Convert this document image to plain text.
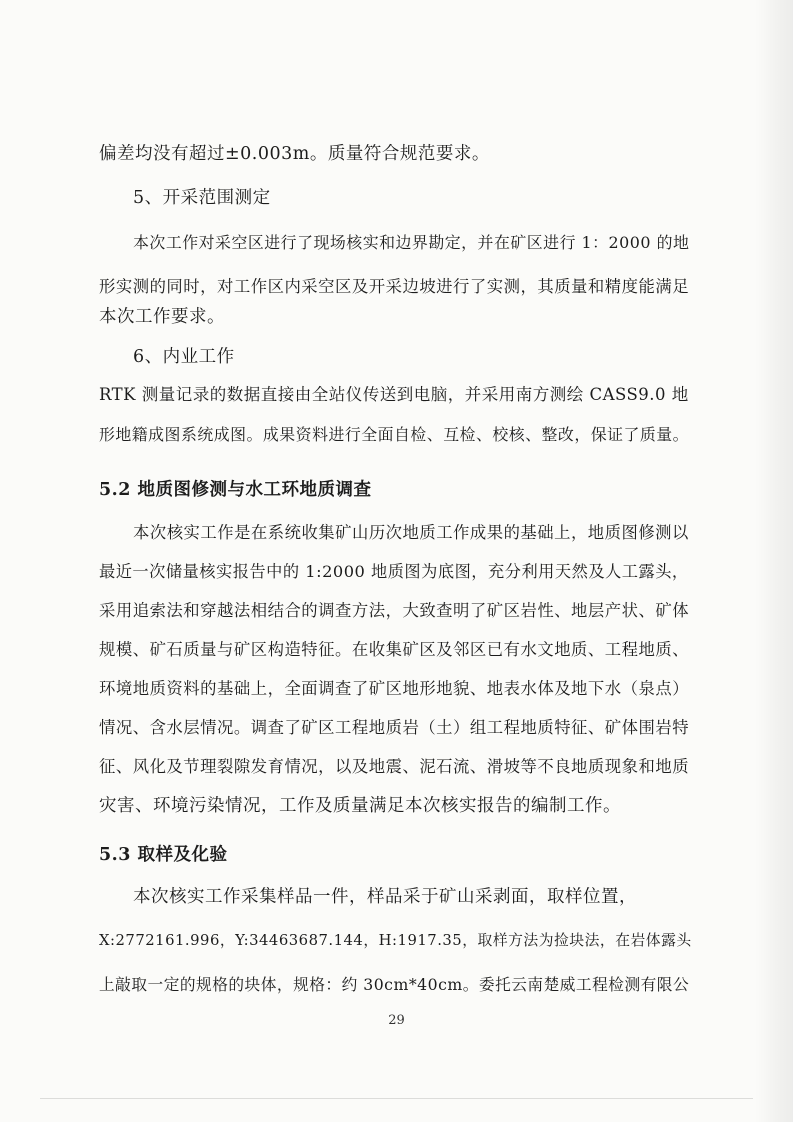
偏差均没有超过±0.003m。质量符合规范要求。
5、开采范围测定
本次工作对采空区进行了现场核实和边界勘定，并在矿区进行 1：2000 的地
形实测的同时，对工作区内采空区及开采边坡进行了实测，其质量和精度能满足
本次工作要求。
6、内业工作
RTK 测量记录的数据直接由全站仪传送到电脑，并采用南方测绘 CASS9.0 地
形地籍成图系统成图。成果资料进行全面自检、互检、校核、整改，保证了质量。
5.2 地质图修测与水工环地质调查
本次核实工作是在系统收集矿山历次地质工作成果的基础上，地质图修测以
最近一次储量核实报告中的 1:2000 地质图为底图，充分利用天然及人工露头，
采用追索法和穿越法相结合的调查方法，大致查明了矿区岩性、地层产状、矿体
规模、矿石质量与矿区构造特征。在收集矿区及邻区已有水文地质、工程地质、
环境地质资料的基础上，全面调查了矿区地形地貌、地表水体及地下水（泉点）
情况、含水层情况。调查了矿区工程地质岩（土）组工程地质特征、矿体围岩特
征、风化及节理裂隙发育情况，以及地震、泥石流、滑坡等不良地质现象和地质
灾害、环境污染情况，工作及质量满足本次核实报告的编制工作。
5.3 取样及化验
本次核实工作采集样品一件，样品采于矿山采剥面，取样位置，
X:2772161.996，Y:34463687.144，H:1917.35，取样方法为捡块法，在岩体露头
上敲取一定的规格的块体，规格：约 30cm*40cm。委托云南楚威工程检测有限公
29
